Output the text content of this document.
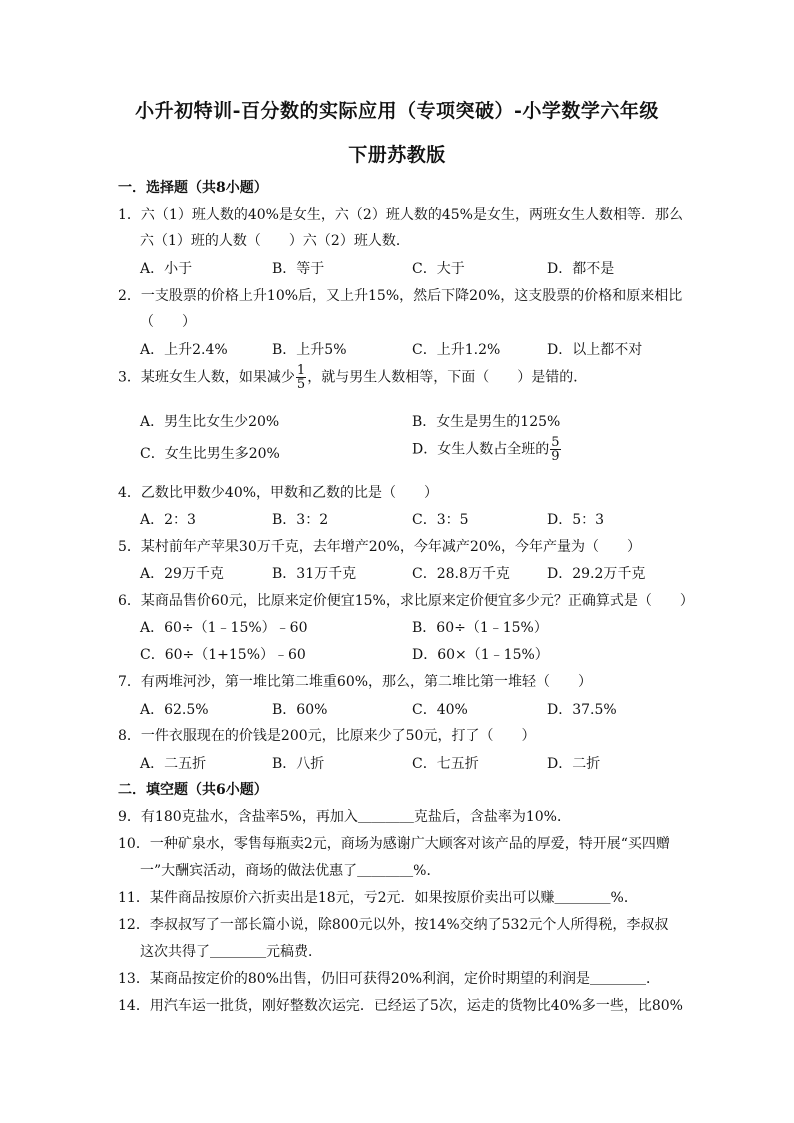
小升初特训-百分数的实际应用（专项突破）-小学数学六年级
下册苏教版
一．选择题（共8小题）
1．六（1）班人数的40%是女生，六（2）班人数的45%是女生，两班女生人数相等．那么
六（1）班的人数（　　）六（2）班人数．
A．小于	B．等于	C．大于	D．都不是
2．一支股票的价格上升10%后，又上升15%，然后下降20%，这支股票的价格和原来相比
（　　）
A．上升2.4%	B．上升5%	C．上升1.2%	D．以上都不对
3．某班女生人数，如果减少 $\frac{1}{5}$ ，就与男生人数相等，下面（　　）是错的．
A．男生比女生少20%	B．女生是男生的125%
C．女生比男生多20%	D．女生人数占全班的 $\frac{5}{9}$
4．乙数比甲数少40%，甲数和乙数的比是（　　）
A．2：3	B．3：2	C．3：5	D．5：3
5．某村前年产苹果30万千克，去年增产20%，今年减产20%，今年产量为（　　）
A．29万千克	B．31万千克	C．28.8万千克	D．29.2万千克
6．某商品售价60元，比原来定价便宜15%，求比原来定价便宜多少元？正确算式是（　　）
A．60÷（1﹣15%）﹣60	B．60÷（1﹣15%）
C．60÷（1+15%）﹣60	D．60×（1﹣15%）
7．有两堆河沙，第一堆比第二堆重60%，那么，第二堆比第一堆轻（　　）
A．62.5%	B．60%	C．40%	D．37.5%
8．一件衣服现在的价钱是200元，比原来少了50元，打了（　　）
A．二五折	B．八折	C．七五折	D．二折
二．填空题（共6小题）
9．有180克盐水，含盐率5%，再加入＿＿＿＿克盐后，含盐率为10%．
10．一种矿泉水，零售每瓶卖2元，商场为感谢广大顾客对该产品的厚爱，特开展“买四赠
一”大酬宾活动，商场的做法优惠了＿＿＿＿%．
11．某件商品按原价六折卖出是18元，亏2元．如果按原价卖出可以赚＿＿＿＿%．
12．李叔叔写了一部长篇小说，除800元以外，按14%交纳了532元个人所得税，李叔叔
这次共得了＿＿＿＿元稿费．
13．某商品按定价的80%出售，仍旧可获得20%利润，定价时期望的利润是＿＿＿＿．
14．用汽车运一批货，刚好整数次运完．已经运了5次，运走的货物比40%多一些，比80%
